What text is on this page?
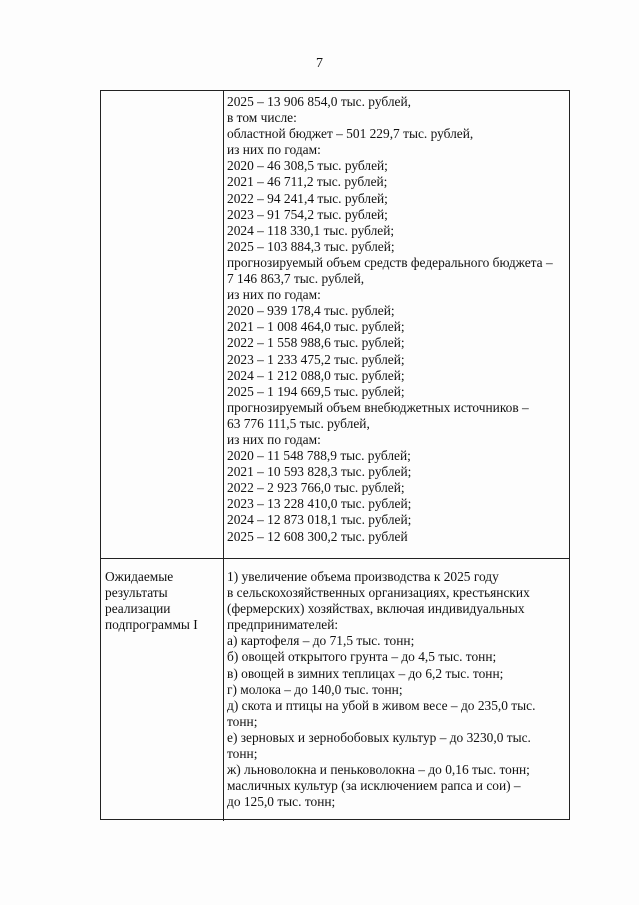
7
2025 – 13 906 854,0 тыс. рублей,
в том числе:
областной бюджет – 501 229,7 тыс. рублей,
из них по годам:
2020 – 46 308,5 тыс. рублей;
2021 – 46 711,2 тыс. рублей;
2022 – 94 241,4 тыс. рублей;
2023 – 91 754,2 тыс. рублей;
2024 – 118 330,1 тыс. рублей;
2025 – 103 884,3 тыс. рублей;
прогнозируемый объем средств федерального бюджета –
7 146 863,7 тыс. рублей,
из них по годам:
2020 – 939 178,4 тыс. рублей;
2021 – 1 008 464,0 тыс. рублей;
2022 – 1 558 988,6 тыс. рублей;
2023 – 1 233 475,2 тыс. рублей;
2024 – 1 212 088,0 тыс. рублей;
2025 – 1 194 669,5 тыс. рублей;
прогнозируемый объем внебюджетных источников –
63 776 111,5 тыс. рублей,
из них по годам:
2020 – 11 548 788,9 тыс. рублей;
2021 – 10 593 828,3 тыс. рублей;
2022 – 2 923 766,0 тыс. рублей;
2023 – 13 228 410,0 тыс. рублей;
2024 – 12 873 018,1 тыс. рублей;
2025 – 12 608 300,2 тыс. рублей
Ожидаемые
результаты
реализации
подпрограммы I
1) увеличение объема производства к 2025 году
в сельскохозяйственных организациях, крестьянских
(фермерских) хозяйствах, включая индивидуальных
предпринимателей:
а) картофеля – до 71,5 тыс. тонн;
б) овощей открытого грунта – до 4,5 тыс. тонн;
в) овощей в зимних теплицах – до 6,2 тыс. тонн;
г) молока – до 140,0 тыс. тонн;
д) скота и птицы на убой в живом весе – до 235,0 тыс.
тонн;
е) зерновых и зернобобовых культур – до 3230,0 тыс.
тонн;
ж) льноволокна и пеньковолокна – до 0,16 тыс. тонн;
масличных культур (за исключением рапса и сои) –
до 125,0 тыс. тонн;
